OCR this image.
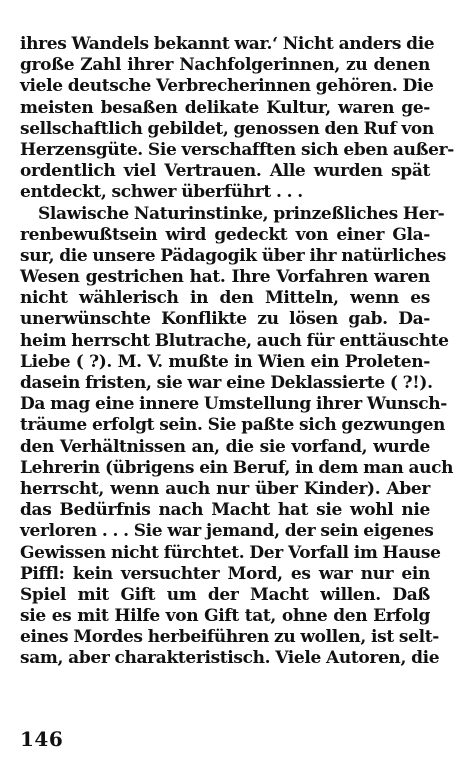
ihres Wandels bekannt war.‘ Nicht anders die
große Zahl ihrer Nachfolgerinnen, zu denen
viele deutsche Verbrecherinnen gehören. Die
meisten besaßen delikate Kultur, waren ge-
sellschaftlich gebildet, genossen den Ruf von
Herzensgüte. Sie verschafften sich eben außer-
ordentlich viel Vertrauen. Alle wurden spät
entdeckt, schwer überführt . . .
Slawische Naturinstinke, prinzeßliches Her-
renbewußtsein wird gedeckt von einer Gla-
sur, die unsere Pädagogik über ihr natürliches
Wesen gestrichen hat. Ihre Vorfahren waren
nicht wählerisch in den Mitteln, wenn es
unerwünschte Konflikte zu lösen gab. Da-
heim herrscht Blutrache, auch für enttäuschte
Liebe ( ?). M. V. mußte in Wien ein Proleten-
dasein fristen, sie war eine Deklassierte ( ?!).
Da mag eine innere Umstellung ihrer Wunsch-
träume erfolgt sein. Sie paßte sich gezwungen
den Verhältnissen an, die sie vorfand, wurde
Lehrerin (übrigens ein Beruf, in dem man auch
herrscht, wenn auch nur über Kinder). Aber
das Bedürfnis nach Macht hat sie wohl nie
verloren . . . Sie war jemand, der sein eigenes
Gewissen nicht fürchtet. Der Vorfall im Hause
Piffl: kein versuchter Mord, es war nur ein
Spiel mit Gift um der Macht willen. Daß
sie es mit Hilfe von Gift tat, ohne den Erfolg
eines Mordes herbeiführen zu wollen, ist selt-
sam, aber charakteristisch. Viele Autoren, die
146
